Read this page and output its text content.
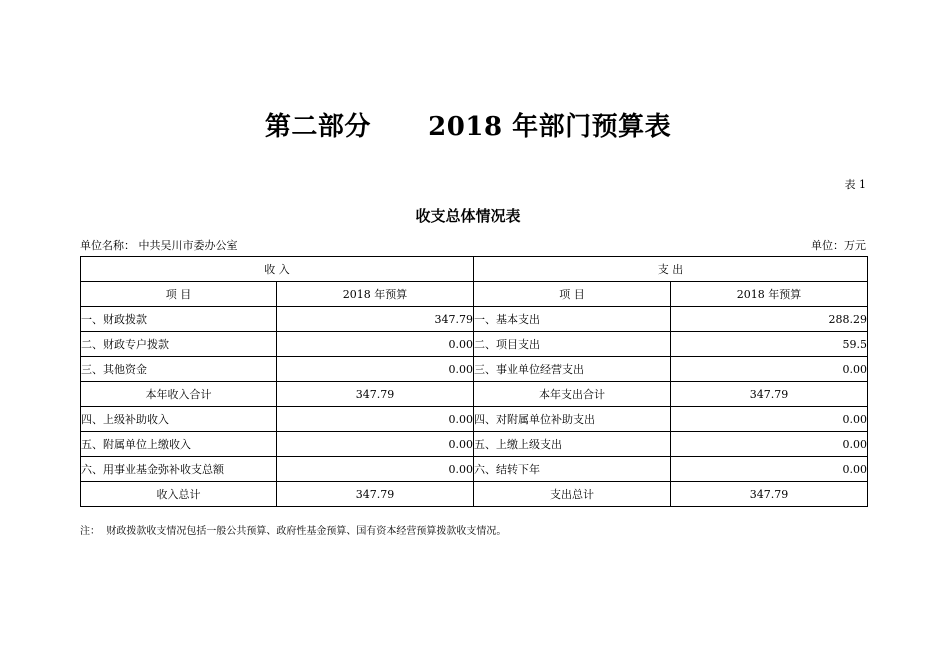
第二部分      2018 年部门预算表
表 1
收支总体情况表
单位名称： 中共吴川市委办公室	单位：万元
收 入		支 出	
项 目	2018 年预算	项 目	2018 年预算
一、财政拨款	347.79	一、基本支出	288.29
二、财政专户拨款	0.00	二、项目支出	59.5
三、其他资金	0.00	三、事业单位经营支出	0.00
本年收入合计	347.79	本年支出合计	347.79
四、上级补助收入	0.00	四、对附属单位补助支出	0.00
五、附属单位上缴收入	0.00	五、上缴上级支出	0.00
六、用事业基金弥补收支总额	0.00	六、结转下年	0.00
收入总计	347.79	支出总计	347.79
注：  财政拨款收支情况包括一般公共预算、政府性基金预算、国有资本经营预算拨款收支情况。
